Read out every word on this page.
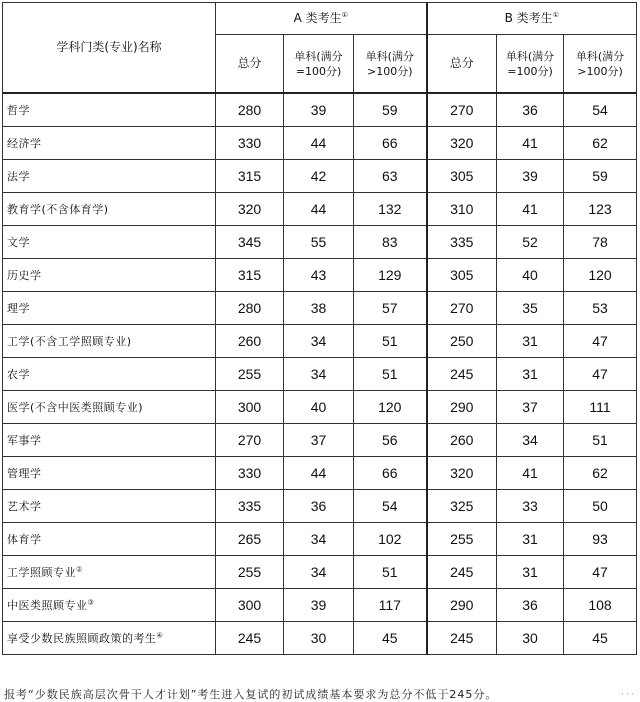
学科门类(专业)名称	A 类考生①			B 类考生①
	总分	单科(满分=100分)	单科(满分>100分)	总分	单科(满分=100分)	单科(满分>100分)
哲学	280	39	59	270	36	54
经济学	330	44	66	320	41	62
法学	315	42	63	305	39	59
教育学(不含体育学)	320	44	132	310	41	123
文学	345	55	83	335	52	78
历史学	315	43	129	305	40	120
理学	280	38	57	270	35	53
工学(不含工学照顾专业)	260	34	51	250	31	47
农学	255	34	51	245	31	47
医学(不含中医类照顾专业)	300	40	120	290	37	111
军事学	270	37	56	260	34	51
管理学	330	44	66	320	41	62
艺术学	335	36	54	325	33	50
体育学	265	34	102	255	31	93
工学照顾专业②	255	34	51	245	31	47
中医类照顾专业③	300	39	117	290	36	108
享受少数民族照顾政策的考生④	245	30	45	245	30	45
报考“少数民族高层次骨干人才计划”考生进入复试的初试成绩基本要求为总分不低于245分。	· · ·
